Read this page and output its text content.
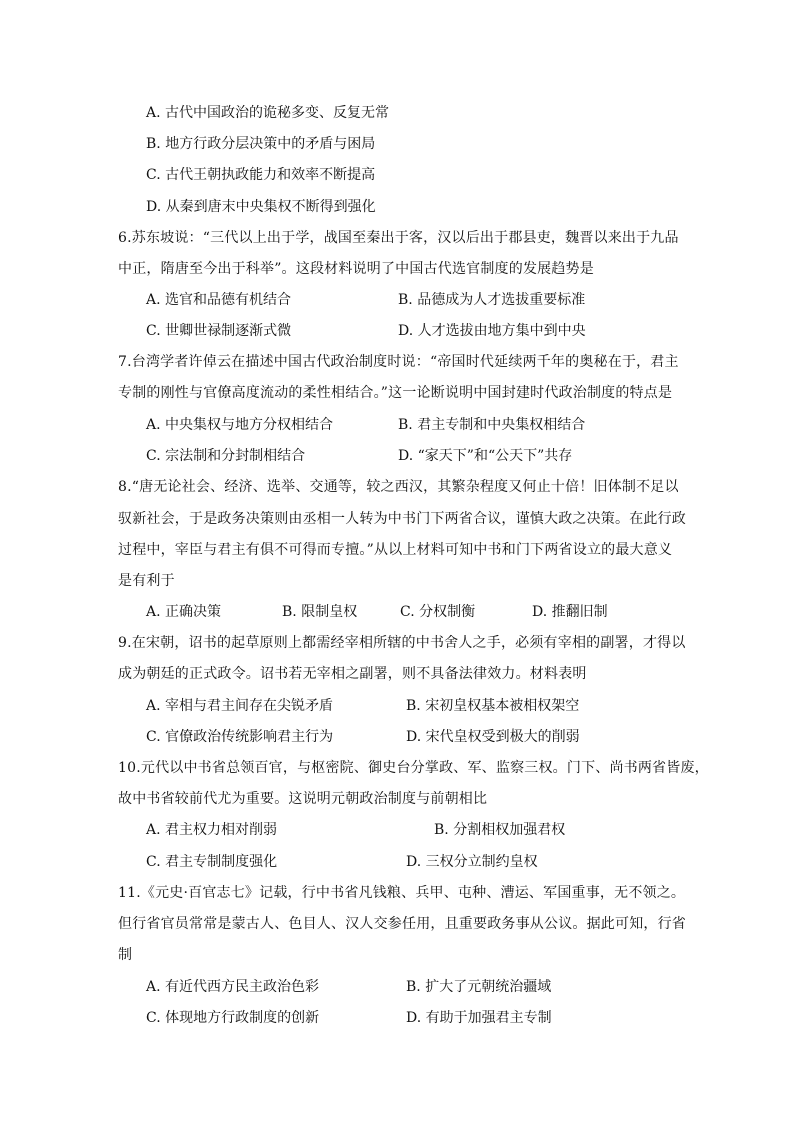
A. 古代中国政治的诡秘多变、反复无常
B. 地方行政分层决策中的矛盾与困局
C. 古代王朝执政能力和效率不断提高
D. 从秦到唐末中央集权不断得到强化
6.苏东坡说：“三代以上出于学，战国至秦出于客，汉以后出于郡县吏，魏晋以来出于九品
中正，隋唐至今出于科举”。这段材料说明了中国古代选官制度的发展趋势是
A. 选官和品德有机结合	B. 品德成为人才选拔重要标准
C. 世卿世禄制逐渐式微	D. 人才选拔由地方集中到中央
7.台湾学者许倬云在描述中国古代政治制度时说：“帝国时代延续两千年的奥秘在于，君主
专制的刚性与官僚高度流动的柔性相结合。”这一论断说明中国封建时代政治制度的特点是
A. 中央集权与地方分权相结合	B. 君主专制和中央集权相结合
C. 宗法制和分封制相结合	D. “家天下”和“公天下”共存
8.“唐无论社会、经济、选举、交通等，较之西汉，其繁杂程度又何止十倍！旧体制不足以
驭新社会，于是政务决策则由丞相一人转为中书门下两省合议，谨慎大政之决策。在此行政
过程中，宰臣与君主有俱不可得而专擅。”从以上材料可知中书和门下两省设立的最大意义
是有利于
A. 正确决策	B. 限制皇权	C. 分权制衡	D. 推翻旧制
9.在宋朝，诏书的起草原则上都需经宰相所辖的中书舍人之手，必须有宰相的副署，才得以
成为朝廷的正式政令。诏书若无宰相之副署，则不具备法律效力。材料表明
A. 宰相与君主间存在尖锐矛盾	B. 宋初皇权基本被相权架空
C. 官僚政治传统影响君主行为	D. 宋代皇权受到极大的削弱
10.元代以中书省总领百官，与枢密院、御史台分掌政、军、监察三权。门下、尚书两省皆废，
故中书省较前代尤为重要。这说明元朝政治制度与前朝相比
A. 君主权力相对削弱	B. 分割相权加强君权
C. 君主专制制度强化	D. 三权分立制约皇权
11.《元史·百官志七》记载，行中书省凡钱粮、兵甲、屯种、漕运、军国重事，无不领之。
但行省官员常常是蒙古人、色目人、汉人交参任用，且重要政务事从公议。据此可知，行省
制
A. 有近代西方民主政治色彩	B. 扩大了元朝统治疆域
C. 体现地方行政制度的创新	D. 有助于加强君主专制
